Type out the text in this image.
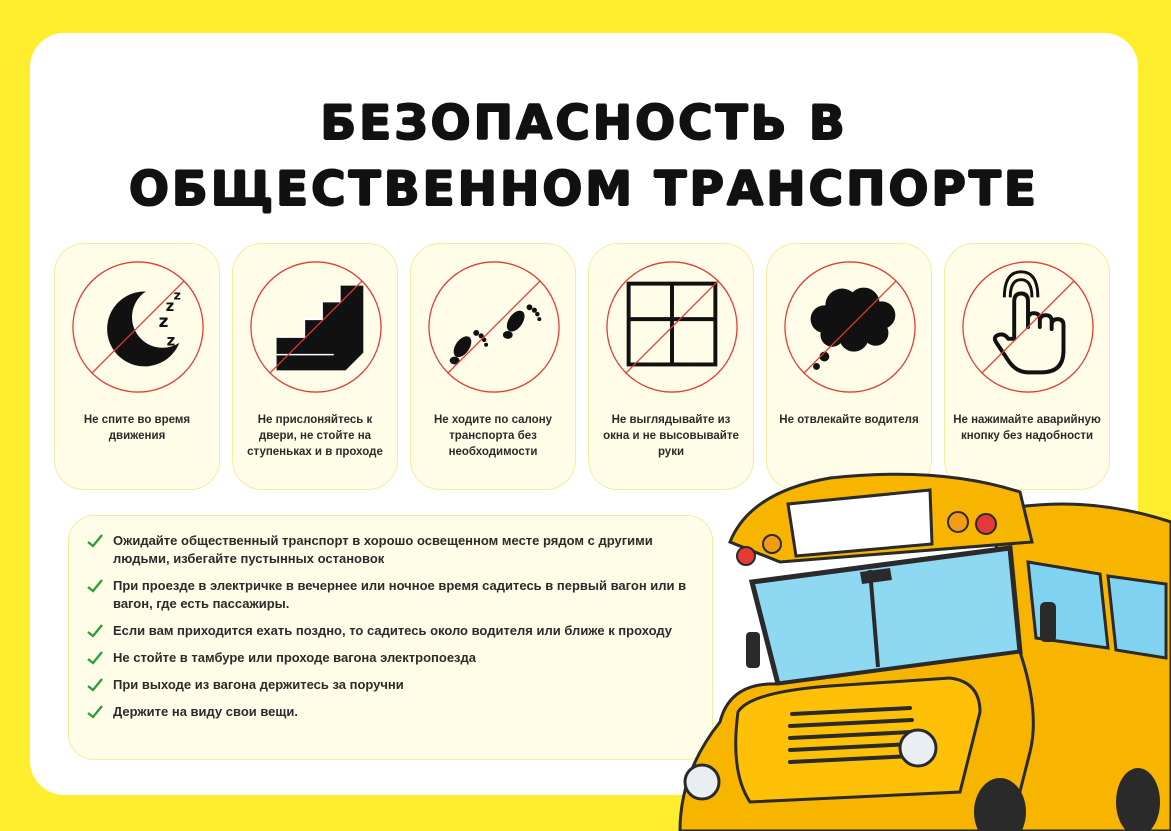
БЕЗОПАСНОСТЬ В
ОБЩЕСТВЕННОМ ТРАНСПОРТЕ
z
z
z
z

Не спите во время движения

Не прислоняйтесь к двери, не стойте на ступеньках и в проходе

Не ходите по салону транспорта без необходимости

Не выглядывайте из окна и не высовывайте руки

Не отвлекайте водителя	Не нажимайте аварийную кнопку без надобности

Ожидайте общественный транспорт в хорошо освещенном месте рядом с другими людьми, избегайте пустынных остановок
При проезде в электричке в вечернее или ночное время садитесь в первый вагон или в вагон, где есть пассажиры.
Если вам приходится ехать поздно, то садитесь около водителя или ближе к проходу
Не стойте в тамбуре или проходе вагона электропоезда
При выходе из вагона держитесь за поручни
Держите на виду свои вещи.
